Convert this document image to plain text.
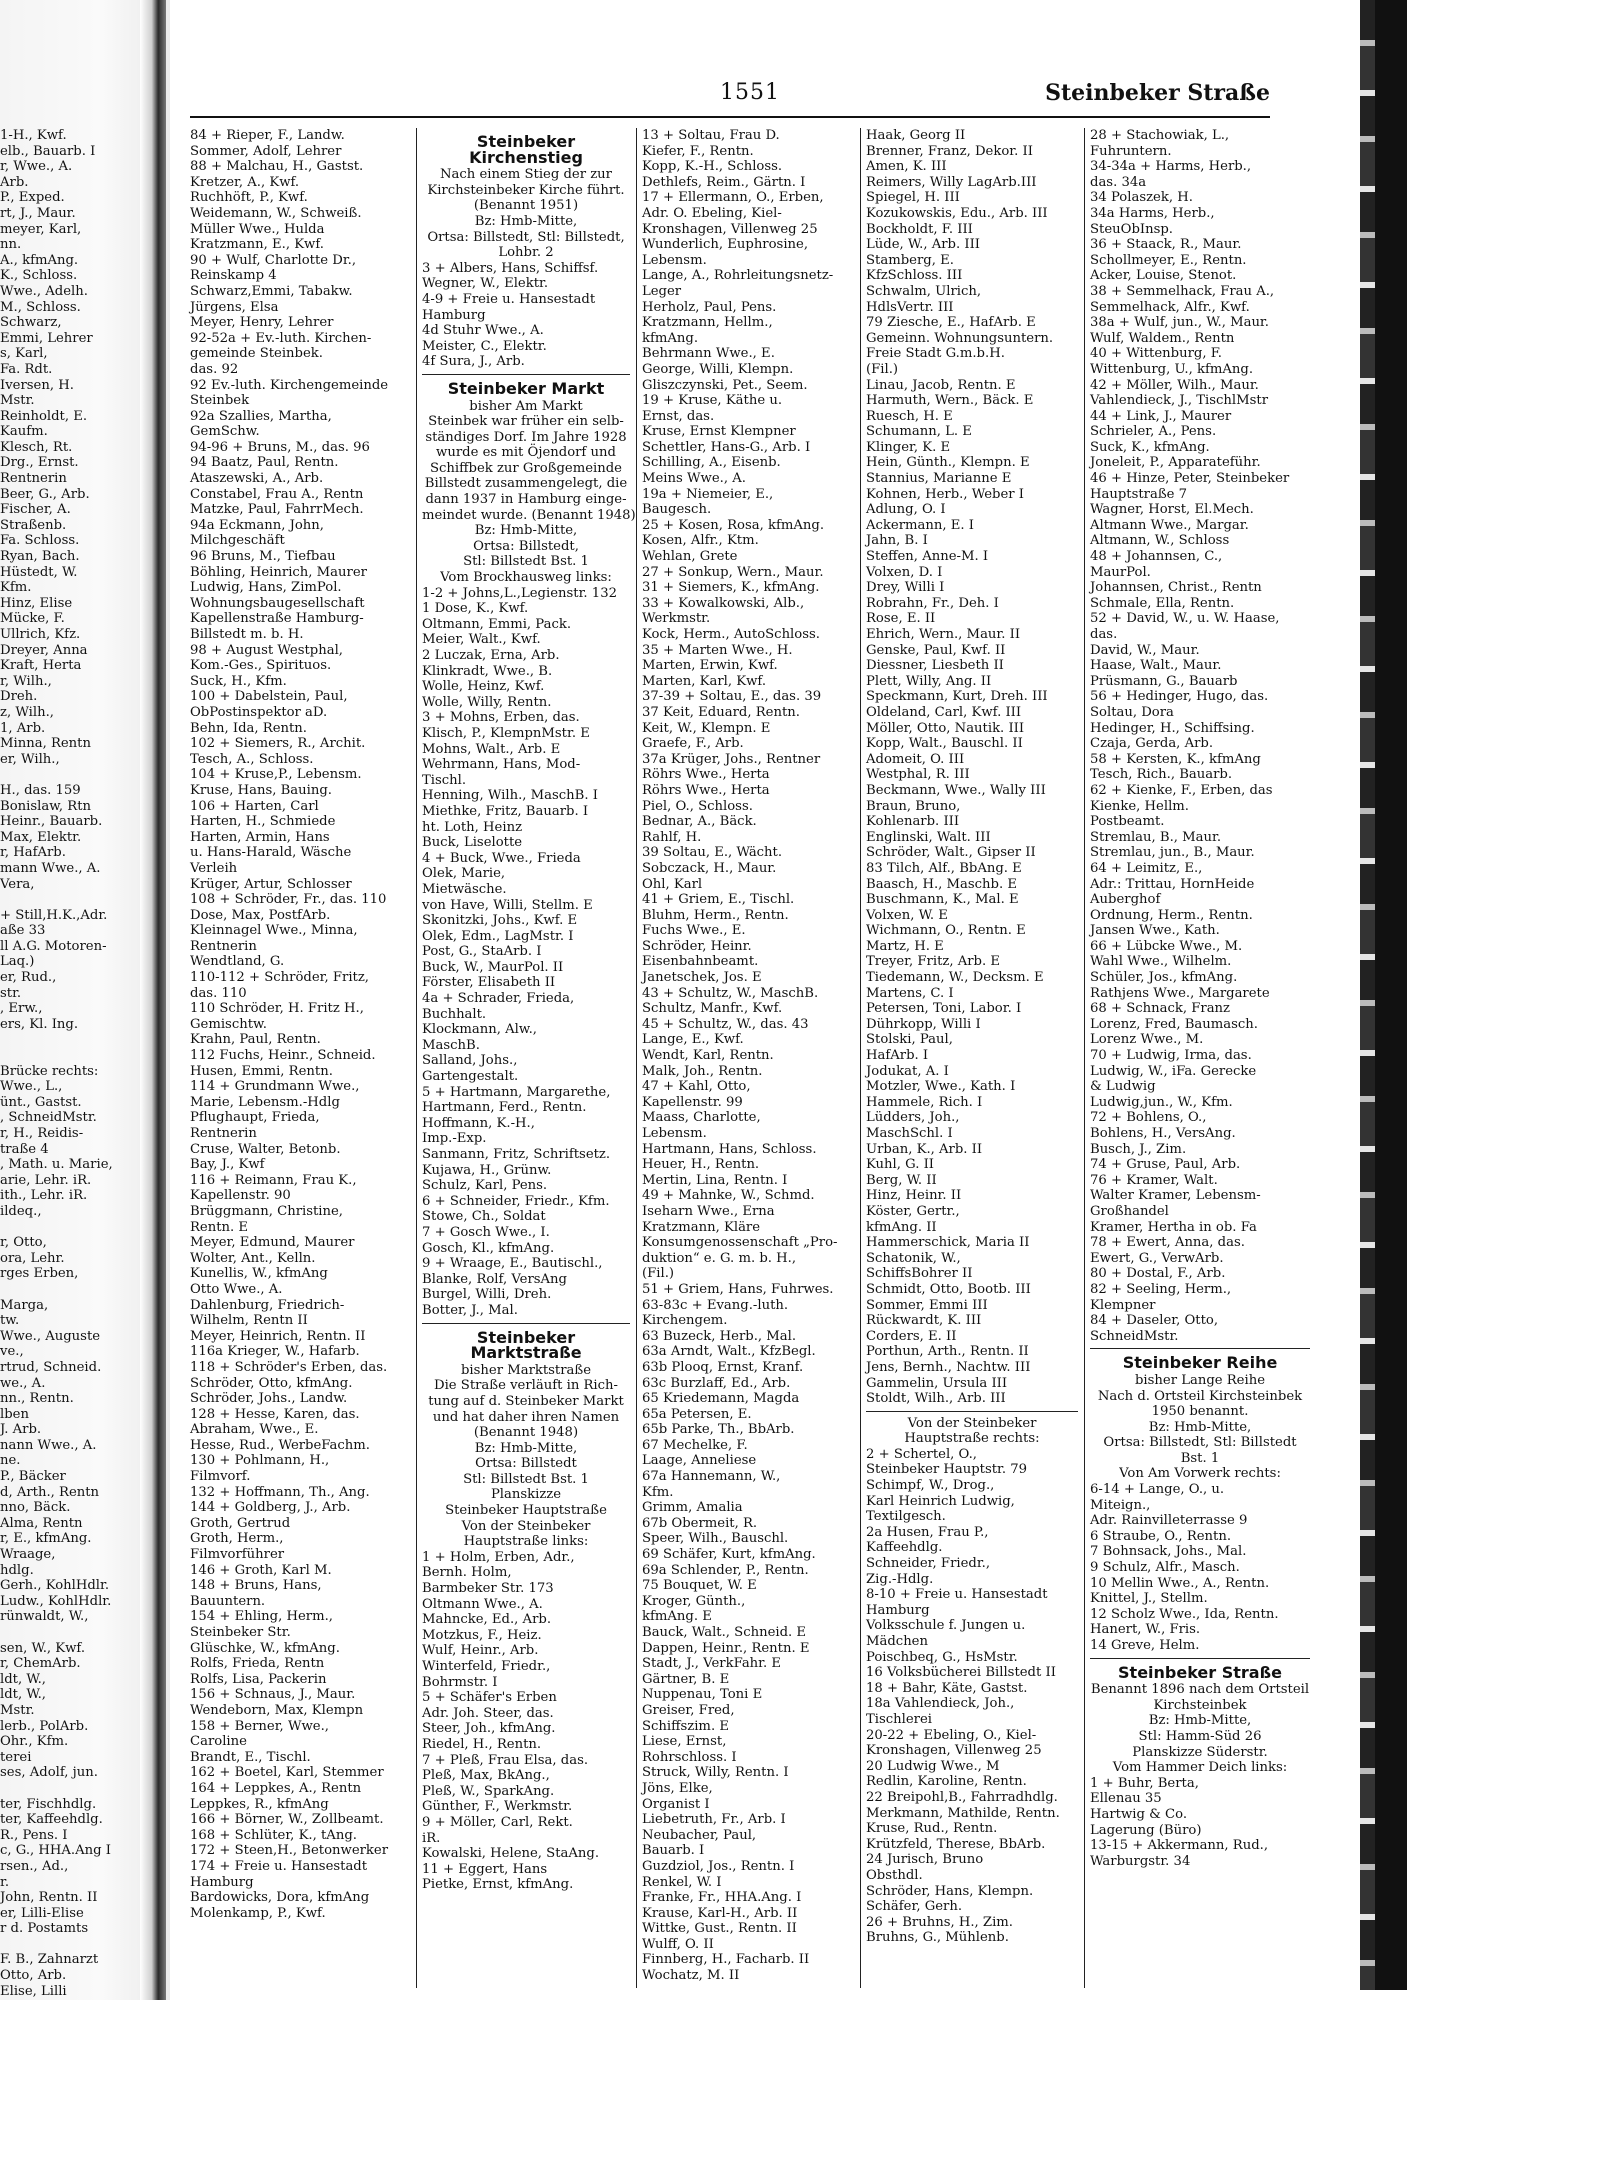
1-H., Kwf.
elb., Bauarb. I
r, Wwe., A.
Arb.
P., Exped.
rt, J., Maur.
meyer, Karl,
nn.
A., kfmAng.
K., Schloss.
Wwe., Adelh.
M., Schloss.
Schwarz,
Emmi, Lehrer
s, Karl,
Fa. Rdt.
Iversen, H.
Mstr.
Reinholdt, E.
Kaufm.
Klesch, Rt.
Drg., Ernst.
Rentnerin
Beer, G., Arb.
Fischer, A.
Straßenb.
Fa. Schloss.
Ryan, Bach.
Hüstedt, W.
Kfm.
Hinz, Elise
Mücke, F.
Ullrich, Kfz.
Dreyer, Anna
Kraft, Herta
r, Wilh.,
Dreh.
z, Wilh.,
1, Arb.
Minna, Rentn
er, Wilh.,

H., das. 159
Bonislaw, Rtn
Heinr., Bauarb.
Max, Elektr.
r, HafArb.
mann Wwe., A.
Vera,

+ Still,H.K.,Adr.
aße 33
ll A.G. Motoren-
Laq.)
er, Rud.,
str.
, Erw.,
ers, Kl. Ing.

Brücke rechts:
Wwe., L.,
ünt., Gastst.
, SchneidMstr.
r, H., Reidis-
traße 4
, Math. u. Marie,
arie, Lehr. iR.
ith., Lehr. iR.
ildeq.,

r, Otto,
ora, Lehr.
rges Erben,

Marga,
tw.
Wwe., Auguste
ve.,
rtrud, Schneid.
we., A.
nn., Rentn.
lben
J. Arb.
nann Wwe., A.
ne.
P., Bäcker
d, Arth., Rentn
nno, Bäck.
Alma, Rentn
r, E., kfmAng.
Wraage,
hdlg.
Gerh., KohlHdlr.
Ludw., KohlHdlr.
rünwaldt, W.,

sen, W., Kwf.
r, ChemArb.
ldt, W.,
ldt, W.,
Mstr.
lerb., PolArb.
Ohr., Kfm.
terei
ses, Adolf, jun.

ter, Fischhdlg.
ter, Kaffeehdlg.
R., Pens. I
c, G., HHA.Ang I
rsen., Ad.,
r.
John, Rentn. II
er, Lilli-Elise
r d. Postamts

F. B., Zahnarzt
Otto, Arb.
Elise, Lilli
1551	Steinbeker Straße
84 + Rieper, F., Landw.
Sommer, Adolf, Lehrer
88 + Malchau, H., Gastst.
Kretzer, A., Kwf.
Ruchhöft, P., Kwf.
Weidemann, W., Schweiß.
Müller Wwe., Hulda
Kratzmann, E., Kwf.
90 + Wulf, Charlotte Dr.,
Reinskamp 4
Schwarz,Emmi, Tabakw.
Jürgens, Elsa
Meyer, Henry, Lehrer
92-52a + Ev.-luth. Kirchen-
gemeinde Steinbek.
das. 92
92 Ev.-luth. Kirchengemeinde
Steinbek
92a Szallies, Martha,
GemSchw.
94-96 + Bruns, M., das. 96
94 Baatz, Paul, Rentn.
Ataszewski, A., Arb.
Constabel, Frau A., Rentn
Matzke, Paul, FahrrMech.
94a Eckmann, John,
Milchgeschäft
96 Bruns, M., Tiefbau
Böhling, Heinrich, Maurer
Ludwig, Hans, ZimPol.
Wohnungsbaugesellschaft
Kapellenstraße Hamburg-
Billstedt m. b. H.
98 + August Westphal,
Kom.-Ges., Spirituos.
Suck, H., Kfm.
100 + Dabelstein, Paul,
ObPostinspektor aD.
Behn, Ida, Rentn.
102 + Siemers, R., Archit.
Tesch, A., Schloss.
104 + Kruse,P., Lebensm.
Kruse, Hans, Bauing.
106 + Harten, Carl
Harten, H., Schmiede
Harten, Armin, Hans
u. Hans-Harald, Wäsche
Verleih
Krüger, Artur, Schlosser
108 + Schröder, Fr., das. 110
Dose, Max, PostfArb.
Kleinnagel Wwe., Minna,
Rentnerin
Wendtland, G.
110-112 + Schröder, Fritz,
das. 110
110 Schröder, H. Fritz H.,
Gemischtw.
Krahn, Paul, Rentn.
112 Fuchs, Heinr., Schneid.
Husen, Emmi, Rentn.
114 + Grundmann Wwe.,
Marie, Lebensm.-Hdlg
Pflughaupt, Frieda,
Rentnerin
Cruse, Walter, Betonb.
Bay, J., Kwf
116 + Reimann, Frau K.,
Kapellenstr. 90
Brüggmann, Christine,
Rentn. E
Meyer, Edmund, Maurer
Wolter, Ant., Kelln.
Kunellis, W., kfmAng
Otto Wwe., A.
Dahlenburg, Friedrich-
Wilhelm, Rentn II
Meyer, Heinrich, Rentn. II
116a Krieger, W., Hafarb.
118 + Schröder's Erben, das.
Schröder, Otto, kfmAng.
Schröder, Johs., Landw.
128 + Hesse, Karen, das.
Abraham, Wwe., E.
Hesse, Rud., WerbeFachm.
130 + Pohlmann, H.,
Filmvorf.
132 + Hoffmann, Th., Ang.
144 + Goldberg, J., Arb.
Groth, Gertrud
Groth, Herm.,
Filmvorführer
146 + Groth, Karl M.
148 + Bruns, Hans,
Bauuntern.
154 + Ehling, Herm.,
Steinbeker Str.
Glüschke, W., kfmAng.
Rolfs, Frieda, Rentn
Rolfs, Lisa, Packerin
156 + Schnaus, J., Maur.
Wendeborn, Max, Klempn
158 + Berner, Wwe.,
Caroline
Brandt, E., Tischl.
162 + Boetel, Karl, Stemmer
164 + Leppkes, A., Rentn
Leppkes, R., kfmAng
166 + Börner, W., Zollbeamt.
168 + Schlüter, K., tAng.
172 + Steen,H., Betonwerker
174 + Freie u. Hansestadt
Hamburg
Bardowicks, Dora, kfmAng
Molenkamp, P., Kwf.
Steinbeker Kirchenstieg
Nach einem Stieg der zur
Kirchsteinbeker Kirche führt.
(Benannt 1951)
Bz: Hmb-Mitte,
Ortsa: Billstedt, Stl: Billstedt,
Lohbr. 2
3 + Albers, Hans, Schiffsf.
Wegner, W., Elektr.
4-9 + Freie u. Hansestadt
Hamburg
4d Stuhr Wwe., A.
Meister, C., Elektr.
4f Sura, J., Arb.
Steinbeker Markt
bisher Am Markt
Steinbek war früher ein selb-
ständiges Dorf. Im Jahre 1928
wurde es mit Öjendorf und
Schiffbek zur Großgemeinde
Billstedt zusammengelegt, die
dann 1937 in Hamburg einge-
meindet wurde. (Benannt 1948)
Bz: Hmb-Mitte,
Ortsa: Billstedt,
Stl: Billstedt Bst. 1
Vom Brockhausweg links:
1-2 + Johns,L.,Legienstr. 132
1 Dose, K., Kwf.
Oltmann, Emmi, Pack.
Meier, Walt., Kwf.
2 Luczak, Erna, Arb.
Klinkradt, Wwe., B.
Wolle, Heinz, Kwf.
Wolle, Willy, Rentn.
3 + Mohns, Erben, das.
Klisch, P., KlempnMstr. E
Mohns, Walt., Arb. E
Wehrmann, Hans, Mod-
Tischl.
Henning, Wilh., MaschB. I
Miethke, Fritz, Bauarb. I
ht. Loth, Heinz
Buck, Liselotte
4 + Buck, Wwe., Frieda
Olek, Marie,
Mietwäsche.
von Have, Willi, Stellm. E
Skonitzki, Johs., Kwf. E
Olek, Edm., LagMstr. I
Post, G., StaArb. I
Buck, W., MaurPol. II
Förster, Elisabeth II
4a + Schrader, Frieda,
Buchhalt.
Klockmann, Alw.,
MaschB.
Salland, Johs.,
Gartengestalt.
5 + Hartmann, Margarethe,
Hartmann, Ferd., Rentn.
Hoffmann, K.-H.,
Imp.-Exp.
Sanmann, Fritz, Schriftsetz.
Kujawa, H., Grünw.
Schulz, Karl, Pens.
6 + Schneider, Friedr., Kfm.
Stowe, Ch., Soldat
7 + Gosch Wwe., I.
Gosch, Kl., kfmAng.
9 + Wraage, E., Bautischl.,
Blanke, Rolf, VersAng
Burgel, Willi, Dreh.
Botter, J., Mal.
Steinbeker Marktstraße
bisher Marktstraße
Die Straße verläuft in Rich-
tung auf d. Steinbeker Markt
und hat daher ihren Namen
(Benannt 1948)
Bz: Hmb-Mitte,
Ortsa: Billstedt
Stl: Billstedt Bst. 1
Planskizze
Steinbeker Hauptstraße
Von der Steinbeker
Hauptstraße links:
1 + Holm, Erben, Adr.,
Bernh. Holm,
Barmbeker Str. 173
Oltmann Wwe., A.
Mahncke, Ed., Arb.
Motzkus, F., Heiz.
Wulf, Heinr., Arb.
Winterfeld, Friedr.,
Bohrmstr. I
5 + Schäfer's Erben
Adr. Joh. Steer, das.
Steer, Joh., kfmAng.
Riedel, H., Rentn.
7 + Pleß, Frau Elsa, das.
Pleß, Max, BkAng.,
Pleß, W., SparkAng.
Günther, F., Werkmstr.
9 + Möller, Carl, Rekt.
iR.
Kowalski, Helene, StaAng.
11 + Eggert, Hans
Pietke, Ernst, kfmAng.
13 + Soltau, Frau D.
Kiefer, F., Rentn.
Kopp, K.-H., Schloss.
Dethlefs, Reim., Gärtn. I
17 + Ellermann, O., Erben,
Adr. O. Ebeling, Kiel-
Kronshagen, Villenweg 25
Wunderlich, Euphrosine,
Lebensm.
Lange, A., Rohrleitungsnetz-
Leger
Herholz, Paul, Pens.
Kratzmann, Hellm.,
kfmAng.
Behrmann Wwe., E.
George, Willi, Klempn.
Gliszczynski, Pet., Seem.
19 + Kruse, Käthe u.
Ernst, das.
Kruse, Ernst Klempner
Schettler, Hans-G., Arb. I
Schilling, A., Eisenb.
Meins Wwe., A.
19a + Niemeier, E.,
Baugesch.
25 + Kosen, Rosa, kfmAng.
Kosen, Alfr., Ktm.
Wehlan, Grete
27 + Sonkup, Wern., Maur.
31 + Siemers, K., kfmAng.
33 + Kowalkowski, Alb.,
Werkmstr.
Kock, Herm., AutoSchloss.
35 + Marten Wwe., H.
Marten, Erwin, Kwf.
Marten, Karl, Kwf.
37-39 + Soltau, E., das. 39
37 Keit, Eduard, Rentn.
Keit, W., Klempn. E
Graefe, F., Arb.
37a Krüger, Johs., Rentner
Röhrs Wwe., Herta
Röhrs Wwe., Herta
Piel, O., Schloss.
Bednar, A., Bäck.
Rahlf, H.
39 Soltau, E., Wächt.
Sobczack, H., Maur.
Ohl, Karl
41 + Griem, E., Tischl.
Bluhm, Herm., Rentn.
Fuchs Wwe., E.
Schröder, Heinr.
Eisenbahnbeamt.
Janetschek, Jos. E
43 + Schultz, W., MaschB.
Schultz, Manfr., Kwf.
45 + Schultz, W., das. 43
Lange, E., Kwf.
Wendt, Karl, Rentn.
Malk, Joh., Rentn.
47 + Kahl, Otto,
Kapellenstr. 99
Maass, Charlotte,
Lebensm.
Hartmann, Hans, Schloss.
Heuer, H., Rentn.
Mertin, Lina, Rentn. I
49 + Mahnke, W., Schmd.
Iseharn Wwe., Erna
Kratzmann, Kläre
Konsumgenossenschaft „Pro-
duktion“ e. G. m. b. H.,
(Fil.)
51 + Griem, Hans, Fuhrwes.
63-83c + Evang.-luth.
Kirchengem.
63 Buzeck, Herb., Mal.
63a Arndt, Walt., KfzBegl.
63b Plooq, Ernst, Kranf.
63c Burzlaff, Ed., Arb.
65 Kriedemann, Magda
65a Petersen, E.
65b Parke, Th., BbArb.
67 Mechelke, F.
Laage, Anneliese
67a Hannemann, W.,
Kfm.
Grimm, Amalia
67b Obermeit, R.
Speer, Wilh., Bauschl.
69 Schäfer, Kurt, kfmAng.
69a Schlender, P., Rentn.
75 Bouquet, W. E
Kroger, Günth.,
kfmAng. E
Bauck, Walt., Schneid. E
Dappen, Heinr., Rentn. E
Stadt, J., VerkFahr. E
Gärtner, B. E
Nuppenau, Toni E
Greiser, Fred,
Schiffszim. E
Liese, Ernst,
Rohrschloss. I
Struck, Willy, Rentn. I
Jöns, Elke,
Organist I
Liebetruth, Fr., Arb. I
Neubacher, Paul,
Bauarb. I
Guzdziol, Jos., Rentn. I
Renkel, W. I
Franke, Fr., HHA.Ang. I
Krause, Karl-H., Arb. II
Wittke, Gust., Rentn. II
Wulff, O. II
Finnberg, H., Facharb. II
Wochatz, M. II
Haak, Georg II
Brenner, Franz, Dekor. II
Amen, K. III
Reimers, Willy LagArb.III
Spiegel, H. III
Kozukowskis, Edu., Arb. III
Bockholdt, F. III
Lüde, W., Arb. III
Stamberg, E.
KfzSchloss. III
Schwalm, Ulrich,
HdlsVertr. III
79 Ziesche, E., HafArb. E
Gemeinn. Wohnungsuntern.
Freie Stadt G.m.b.H.
(Fil.)
Linau, Jacob, Rentn. E
Harmuth, Wern., Bäck. E
Ruesch, H. E
Schumann, L. E
Klinger, K. E
Hein, Günth., Klempn. E
Stannius, Marianne E
Kohnen, Herb., Weber I
Adlung, O. I
Ackermann, E. I
Jahn, B. I
Steffen, Anne-M. I
Volxen, D. I
Drey, Willi I
Robrahn, Fr., Deh. I
Rose, E. II
Ehrich, Wern., Maur. II
Genske, Paul, Kwf. II
Diessner, Liesbeth II
Plett, Willy, Ang. II
Speckmann, Kurt, Dreh. III
Oldeland, Carl, Kwf. III
Möller, Otto, Nautik. III
Kopp, Walt., Bauschl. II
Adomeit, O. III
Westphal, R. III
Beckmann, Wwe., Wally III
Braun, Bruno,
Kohlenarb. III
Englinski, Walt. III
Schröder, Walt., Gipser II
83 Tilch, Alf., BbAng. E
Baasch, H., Maschb. E
Buschmann, K., Mal. E
Volxen, W. E
Wichmann, O., Rentn. E
Martz, H. E
Treyer, Fritz, Arb. E
Tiedemann, W., Decksm. E
Martens, C. I
Petersen, Toni, Labor. I
Dührkopp, Willi I
Stolski, Paul,
HafArb. I
Jodukat, A. I
Motzler, Wwe., Kath. I
Hammele, Rich. I
Lüdders, Joh.,
MaschSchl. I
Urban, K., Arb. II
Kuhl, G. II
Berg, W. II
Hinz, Heinr. II
Köster, Gertr.,
kfmAng. II
Hammerschick, Maria II
Schatonik, W.,
SchiffsBohrer II
Schmidt, Otto, Bootb. III
Sommer, Emmi III
Rückwardt, K. III
Corders, E. II
Porthun, Arth., Rentn. II
Jens, Bernh., Nachtw. III
Gammelin, Ursula III
Stoldt, Wilh., Arb. III
Von der Steinbeker
Hauptstraße rechts:
2 + Schertel, O.,
Steinbeker Hauptstr. 79
Schimpf, W., Drog.,
Karl Heinrich Ludwig,
Textilgesch.
2a Husen, Frau P.,
Kaffeehdlg.
Schneider, Friedr.,
Zig.-Hdlg.
8-10 + Freie u. Hansestadt
Hamburg
Volksschule f. Jungen u.
Mädchen
Poischbeq, G., HsMstr.
16 Volksbücherei Billstedt II
18 + Bahr, Käte, Gastst.
18a Vahlendieck, Joh.,
Tischlerei
20-22 + Ebeling, O., Kiel-
Kronshagen, Villenweg 25
20 Ludwig Wwe., M
Redlin, Karoline, Rentn.
22 Breipohl,B., Fahrradhdlg.
Merkmann, Mathilde, Rentn.
Kruse, Rud., Rentn.
Krützfeld, Therese, BbArb.
24 Jurisch, Bruno
Obsthdl.
Schröder, Hans, Klempn.
Schäfer, Gerh.
26 + Bruhns, H., Zim.
Bruhns, G., Mühlenb.
28 + Stachowiak, L.,
Fuhruntern.
34-34a + Harms, Herb.,
das. 34a
34 Polaszek, H.
34a Harms, Herb.,
SteuObInsp.
36 + Staack, R., Maur.
Schollmeyer, E., Rentn.
Acker, Louise, Stenot.
38 + Semmelhack, Frau A.,
Semmelhack, Alfr., Kwf.
38a + Wulf, jun., W., Maur.
Wulf, Waldem., Rentn
40 + Wittenburg, F.
Wittenburg, U., kfmAng.
42 + Möller, Wilh., Maur.
Vahlendieck, J., TischlMstr
44 + Link, J., Maurer
Schrieler, A., Pens.
Suck, K., kfmAng.
Joneleit, P., Apparateführ.
46 + Hinze, Peter, Steinbeker
Hauptstraße 7
Wagner, Horst, El.Mech.
Altmann Wwe., Margar.
Altmann, W., Schloss
48 + Johannsen, C.,
MaurPol.
Johannsen, Christ., Rentn
Schmale, Ella, Rentn.
52 + David, W., u. W. Haase,
das.
David, W., Maur.
Haase, Walt., Maur.
Prüsmann, G., Bauarb
56 + Hedinger, Hugo, das.
Soltau, Dora
Hedinger, H., Schiffsing.
Czaja, Gerda, Arb.
58 + Kersten, K., kfmAng
Tesch, Rich., Bauarb.
62 + Kienke, F., Erben, das
Kienke, Hellm.
Postbeamt.
Stremlau, B., Maur.
Stremlau, jun., B., Maur.
64 + Leimitz, E.,
Adr.: Trittau, HornHeide
Auberghof
Ordnung, Herm., Rentn.
Jansen Wwe., Kath.
66 + Lübcke Wwe., M.
Wahl Wwe., Wilhelm.
Schüler, Jos., kfmAng.
Rathjens Wwe., Margarete
68 + Schnack, Franz
Lorenz, Fred, Baumasch.
Lorenz Wwe., M.
70 + Ludwig, Irma, das.
Ludwig, W., iFa. Gerecke
& Ludwig
Ludwig,jun., W., Kfm.
72 + Bohlens, O.,
Bohlens, H., VersAng.
Busch, J., Zim.
74 + Gruse, Paul, Arb.
76 + Kramer, Walt.
Walter Kramer, Lebensm-
Großhandel
Kramer, Hertha in ob. Fa
78 + Ewert, Anna, das.
Ewert, G., VerwArb.
80 + Dostal, F., Arb.
82 + Seeling, Herm.,
Klempner
84 + Daseler, Otto,
SchneidMstr.
Steinbeker Reihe
bisher Lange Reihe
Nach d. Ortsteil Kirchsteinbek
1950 benannt.
Bz: Hmb-Mitte,
Ortsa: Billstedt, Stl: Billstedt
Bst. 1
Von Am Vorwerk rechts:
6-14 + Lange, O., u.
Miteign.,
Adr. Rainvilleterrasse 9
6 Straube, O., Rentn.
7 Bohnsack, Johs., Mal.
9 Schulz, Alfr., Masch.
10 Mellin Wwe., A., Rentn.
Knittel, J., Stellm.
12 Scholz Wwe., Ida, Rentn.
Hanert, W., Fris.
14 Greve, Helm.
Steinbeker Straße
Benannt 1896 nach dem Ortsteil
Kirchsteinbek
Bz: Hmb-Mitte,
Stl: Hamm-Süd 26
Planskizze Süderstr.
Vom Hammer Deich links:
1 + Buhr, Berta,
Ellenau 35
Hartwig & Co.
Lagerung (Büro)
13-15 + Akkermann, Rud.,
Warburgstr. 34
